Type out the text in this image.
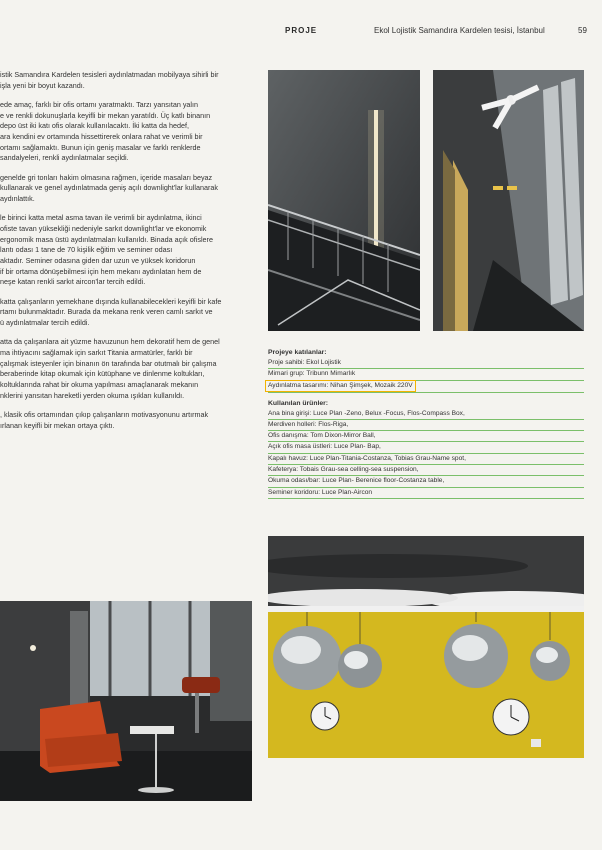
PROJE	Ekol Lojistik Samandıra Kardelen tesisi, İstanbul	59

istik Samandıra Kardelen tesisleri aydınlatmadan mobilyaya sihirli bir
işla yeni bir boyut kazandı.

ede amaç, farklı bir ofis ortamı yaratmaktı. Tarzı yansıtan yalın
e ve renkli dokunuşlarla keyifli bir mekan yaratıldı. Üç katlı binanın
depo üst iki katı ofis olarak kullanılacaktı. İki katta da hedef,
ara kendini ev ortamında hissettirerek onlara rahat ve verimli bir
ortamı sağlamaktı. Bunun için geniş masalar ve farklı renklerde
sandalyeleri, renkli aydınlatmalar seçildi.

genelde gri tonları hakim olmasına rağmen, içeride masaları beyaz
kullanarak ve genel aydınlatmada geniş açılı downlight'lar kullanarak
aydınlattık.

le birinci katta metal asma tavan ile verimli bir aydınlatma, ikinci
ofiste tavan yüksekliği nedeniyle sarkıt downlight'lar ve ekonomik
ergonomik masa üstü aydınlatmaları kullanıldı. Binada açık ofislere
lantı odası 1 tane de 70 kişilik eğitim ve seminer odası
aktadır. Seminer odasına giden dar uzun ve yüksek koridorun
if bir ortama dönüşebilmesi için hem mekanı aydınlatan hem de
neşe katan renkli sarkıt aircon'lar tercih edildi.

katta çalışanların yemekhane dışında kullanabilecekleri keyifli bir kafe
rtamı bulunmaktadır. Burada da mekana renk veren camlı sarkıt ve
ü aydınlatmalar tercih edildi.

atta da çalışanlara ait yüzme havuzunun hem dekoratif hem de genel
ma ihtiyacını sağlamak için sarkıt Titania armatürler, farklı bir
çalışmak isteyenler için binanın ön tarafında bar otutmalı bir çalışma
beraberinde kitap okumak için kütüphane ve dinlenme koltukları,
koltuklarında rahat bir okuma yapılması amaçlanarak mekanın
nklerini yansıtan hareketli yerden okuma ışıkları kullanıldı.

, klasik ofis ortamından çıkıp çalışanların motivasyonunu artırmak
ırlanan keyifli bir mekan ortaya çıktı.

Projeye katılanlar:
Proje sahibi: Ekol Lojistik
Mimari grup: Tribunn Mimarlık
Aydınlatma tasarımı: Nihan Şimşek, Mozaik 220V
Kullanılan ürünler:
Ana bina girişi: Luce Plan -Zeno, Belux -Focus, Flos-Compass Box,
Merdiven holleri: Flos-Riga,
Ofis danışma: Tom Dixon-Mirror Ball,
Açık ofis masa üstleri: Luce Plan- Bap,
Kapalı havuz: Luce Plan-Titania-Costanza, Tobias Grau-Name spot,
Kafeterya: Tobais Grau-sea celling-sea suspension,
Okuma odası/bar: Luce Plan- Berenice floor-Costanza table,
Seminer koridoru: Luce Plan-Aircon
